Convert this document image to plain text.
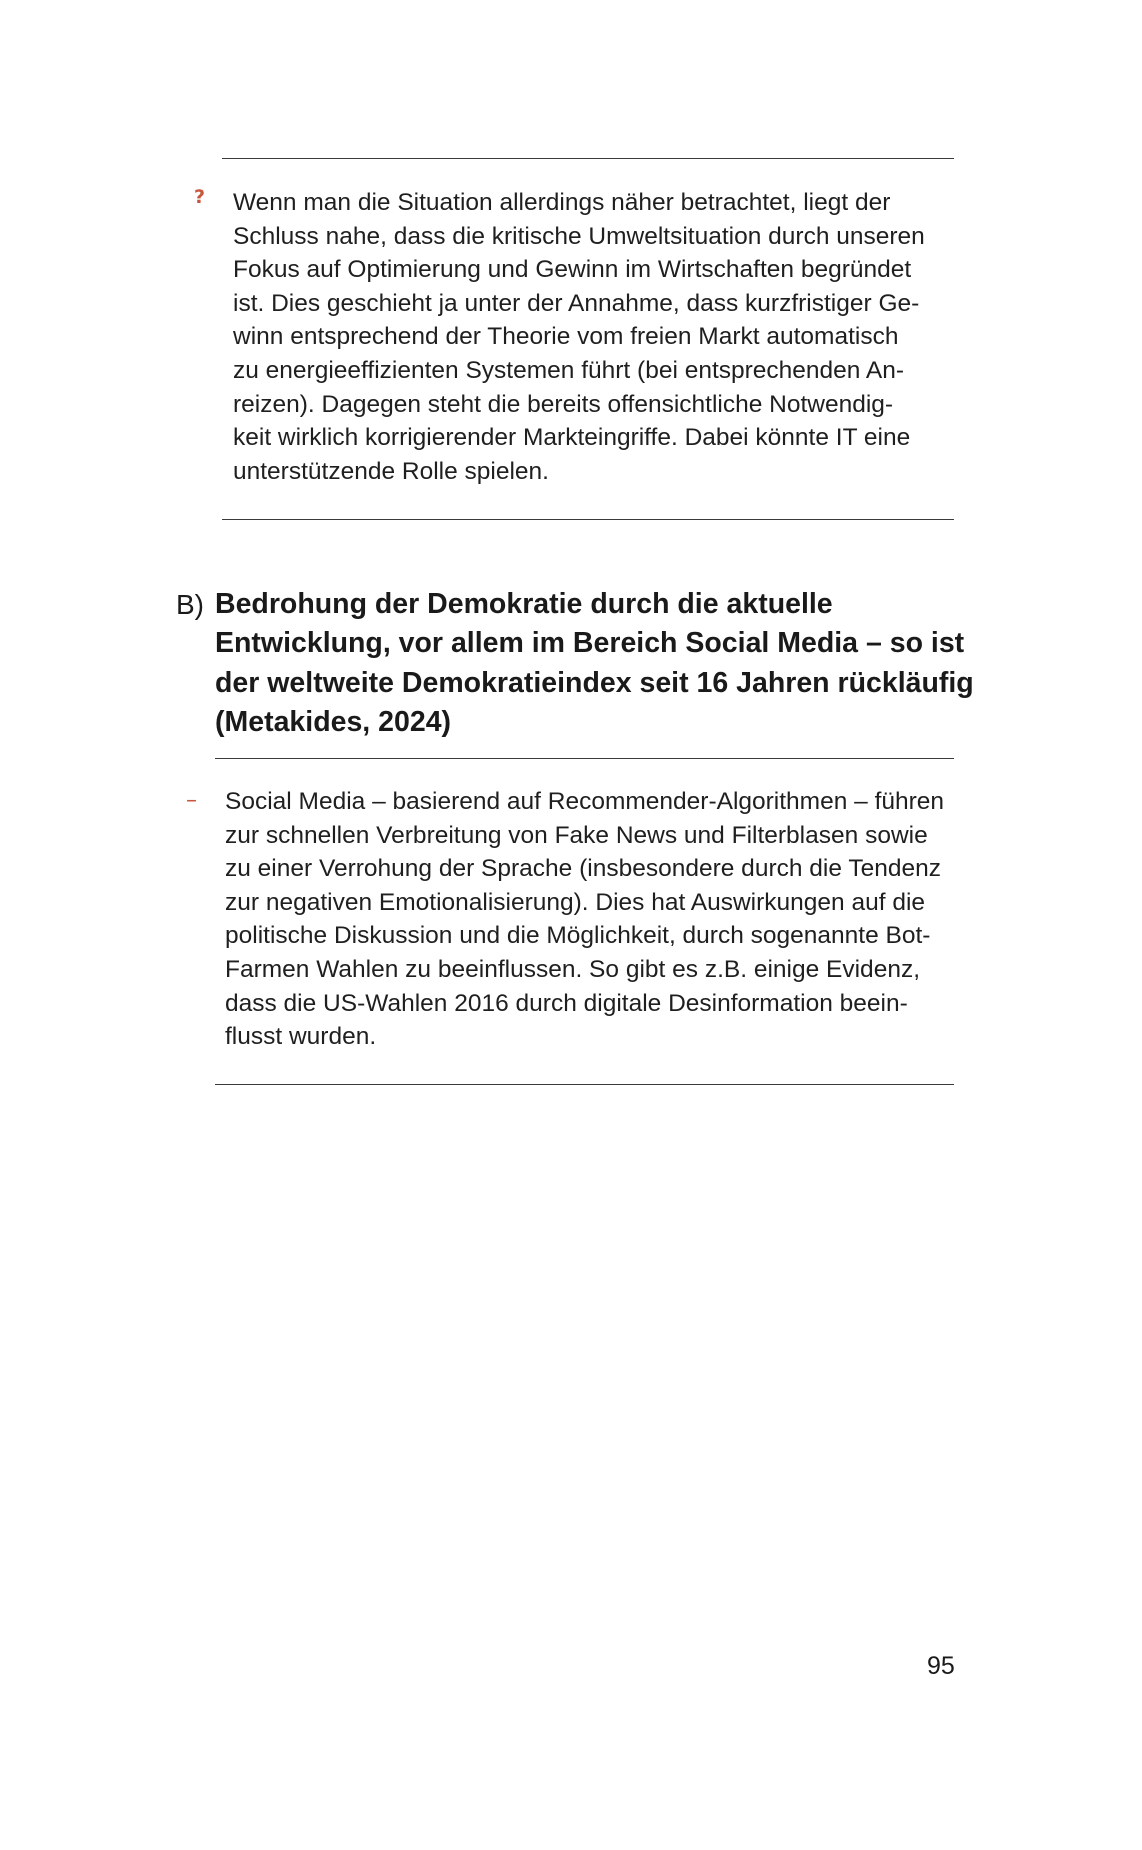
? Wenn man die Situation allerdings näher betrachtet, liegt der
Schluss nahe, dass die kritische Umweltsituation durch unseren
Fokus auf Optimierung und Gewinn im Wirtschaften begründet
ist. Dies geschieht ja unter der Annahme, dass kurzfristiger Ge-
winn entsprechend der Theorie vom freien Markt automatisch
zu energieeffizienten Systemen führt (bei entsprechenden An-
reizen). Dagegen steht die bereits offensichtliche Notwendig-
keit wirklich korrigierender Markteingriffe. Dabei könnte IT eine
unterstützende Rolle spielen.
B) Bedrohung der Demokratie durch die aktuelle
Entwicklung, vor allem im Bereich Social Media – so ist
der weltweite Demokratieindex seit 16 Jahren rückläufig
(Metakides, 2024)
– Social Media – basierend auf Recommender-Algorithmen – führen
zur schnellen Verbreitung von Fake News und Filterblasen sowie
zu einer Verrohung der Sprache (insbesondere durch die Tendenz
zur negativen Emotionalisierung). Dies hat Auswirkungen auf die
politische Diskussion und die Möglichkeit, durch sogenannte Bot-
Farmen Wahlen zu beeinflussen. So gibt es z.B. einige Evidenz,
dass die US-Wahlen 2016 durch digitale Desinformation beein-
flusst wurden.
95
